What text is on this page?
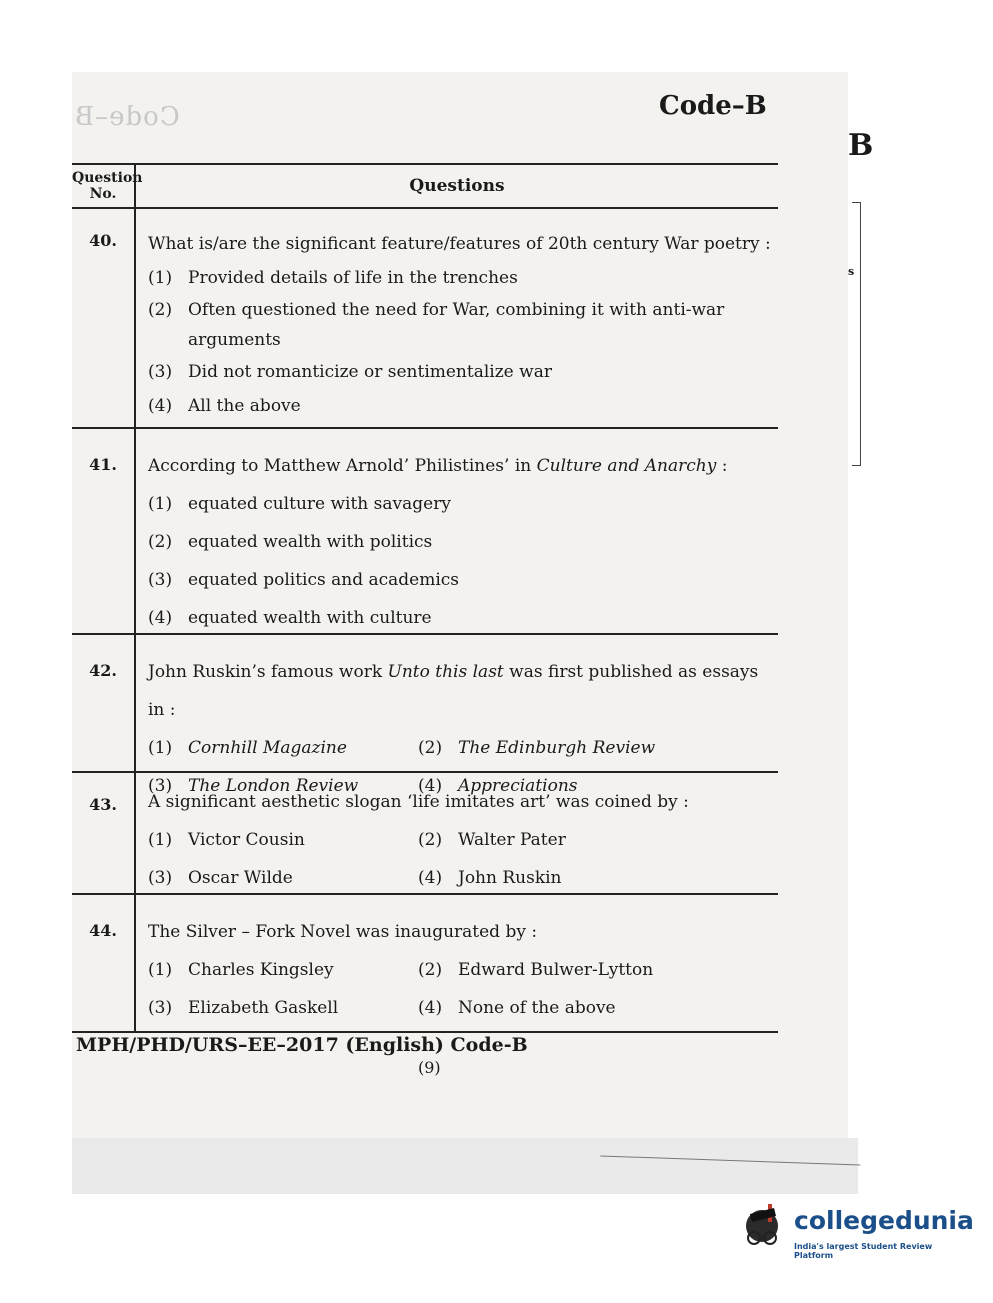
B
s
Code–B	Code–B
Question No.	Questions
40.	What is/are the significant feature/features of 20th century War poetry :
(1) Provided details of life in the trenches
(2) Often questioned the need for War, combining it with anti-war arguments
(3) Did not romanticize or sentimentalize war
(4) All the above
41.	According to Matthew Arnold’ Philistines’ in Culture and Anarchy :
(1) equated culture with savagery
(2) equated wealth with politics
(3) equated politics and academics
(4) equated wealth with culture
42.	John Ruskin’s famous work Unto this last was first published as essays in :
(1) Cornhill Magazine	(2) The Edinburgh Review
(3) The London Review	(4) Appreciations
43.	A significant aesthetic slogan ‘life imitates art’ was coined by :
(1) Victor Cousin	(2) Walter Pater
(3) Oscar Wilde	(4) John Ruskin
44.	The Silver – Fork Novel was inaugurated by :
(1) Charles Kingsley	(2) Edward Bulwer-Lytton
(3) Elizabeth Gaskell	(4) None of the above
MPH/PHD/URS–EE–2017 (English) Code-B
(9)
collegedunia
India's largest Student Review Platform
